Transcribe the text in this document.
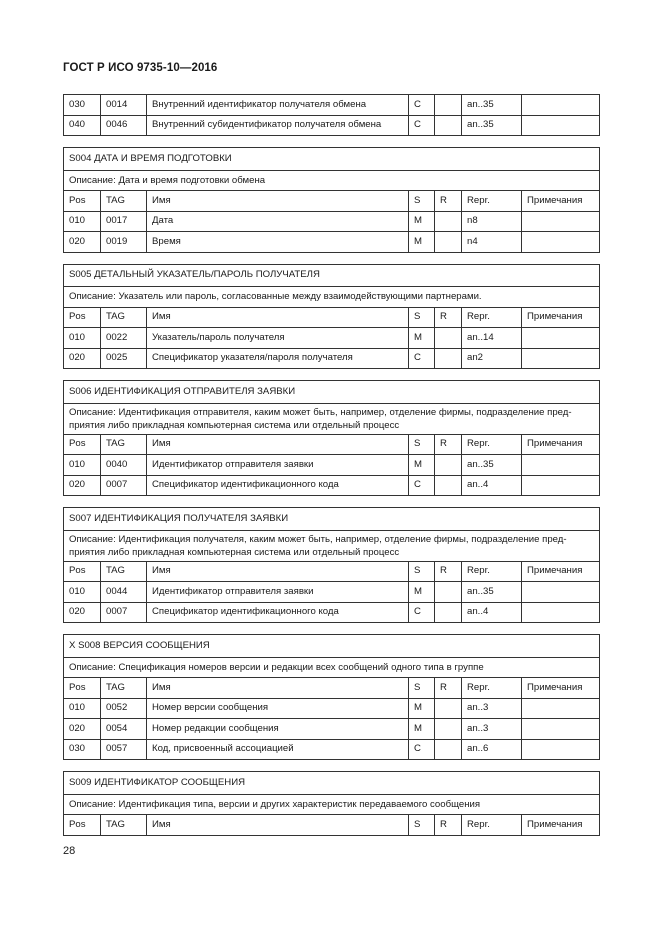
ГОСТ Р ИСО 9735-10—2016
030	0014	Внутренний идентификатор получателя обмена	C		an..35	
040	0046	Внутренний субидентификатор получателя обмена	C		an..35	
S004 ДАТА И ВРЕМЯ ПОДГОТОВКИ						
Описание: Дата и время подготовки обмена						
Pos	TAG	Имя	S	R	Repr.	Примечания
010	0017	Дата	M		n8	
020	0019	Время	M		n4	
S005 ДЕТАЛЬНЫЙ УКАЗАТЕЛЬ/ПАРОЛЬ ПОЛУЧАТЕЛЯ						
Описание: Указатель или пароль, согласованные между взаимодействующими партнерами.						
Pos	TAG	Имя	S	R	Repr.	Примечания
010	0022	Указатель/пароль получателя	M		an..14	
020	0025	Спецификатор указателя/пароля получателя	C		an2	
S006 ИДЕНТИФИКАЦИЯ ОТПРАВИТЕЛЯ ЗАЯВКИ						

Описание: Идентификация отправителя, каким может быть, например, отделение фирмы, подразделение пред-
приятия либо прикладная компьютерная система или отдельный процесс						

Pos	TAG	Имя	S	R	Repr.	Примечания
010	0040	Идентификатор отправителя заявки	M		an..35	
020	0007	Спецификатор идентификационного кода	C		an..4	
S007 ИДЕНТИФИКАЦИЯ ПОЛУЧАТЕЛЯ ЗАЯВКИ						

Описание: Идентификация получателя, каким может быть, например, отделение фирмы, подразделение пред-
приятия либо прикладная компьютерная система или отдельный процесс						

Pos	TAG	Имя	S	R	Repr.	Примечания
010	0044	Идентификатор отправителя заявки	M		an..35	
020	0007	Спецификатор идентификационного кода	C		an..4	
X S008 ВЕРСИЯ СООБЩЕНИЯ						
Описание: Спецификация номеров версии и редакции всех сообщений одного типа в группе						
Pos	TAG	Имя	S	R	Repr.	Примечания
010	0052	Номер версии сообщения	M		an..3	
020	0054	Номер редакции сообщения	M		an..3	
030	0057	Код, присвоенный ассоциацией	C		an..6	
S009 ИДЕНТИФИКАТОР СООБЩЕНИЯ
Описание: Идентификация типа, версии и других характеристик передаваемого сообщения
Pos	TAG	Имя	S	R	Repr.	Примечания
28
